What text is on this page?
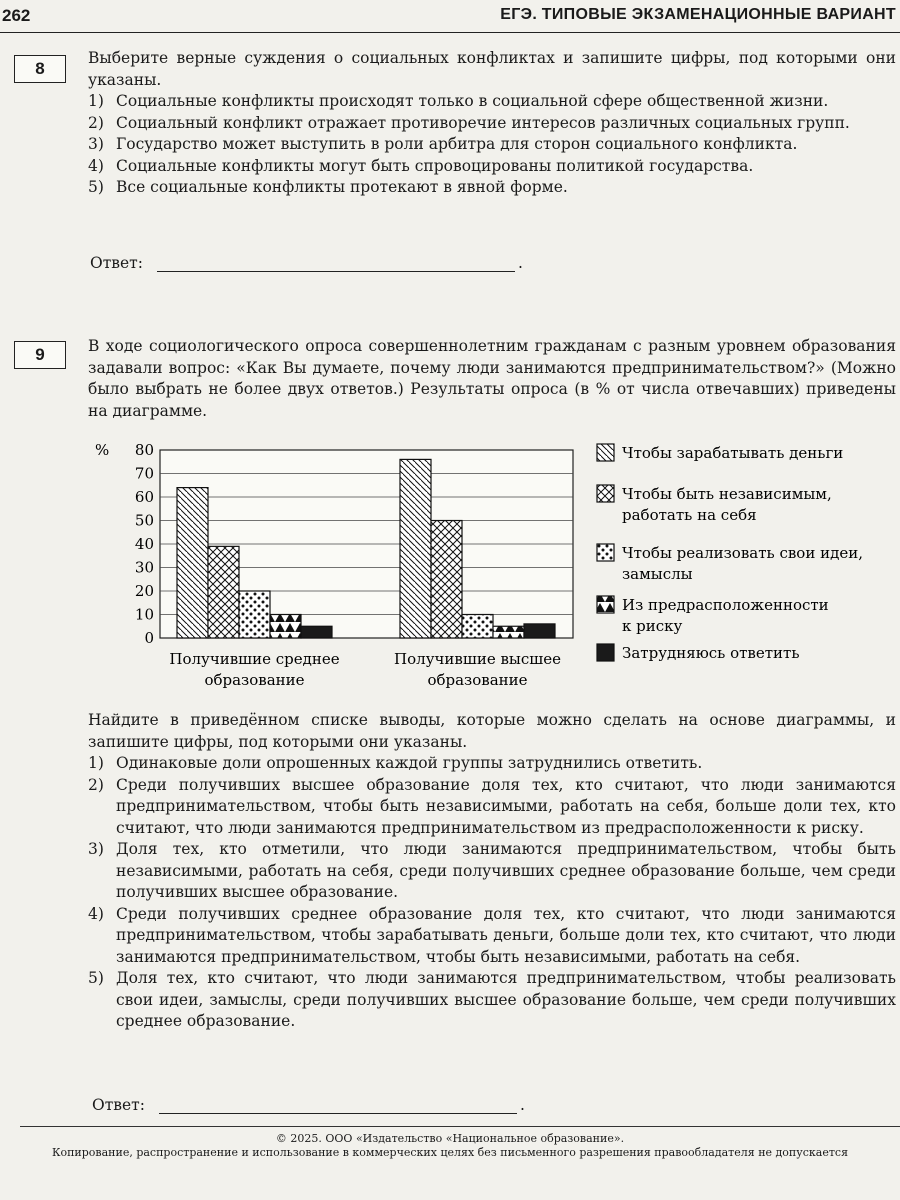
262	ЕГЭ. ТИПОВЫЕ ЭКЗАМЕНАЦИОННЫЕ ВАРИАНТ
8
Выберите верные суждения о социальных конфликтах и запишите цифры, под которыми они указаны.
1) Социальные конфликты происходят только в социальной сфере общественной жизни.
2) Социальный конфликт отражает противоречие интересов различных социальных групп.
3) Государство может выступить в роли арбитра для сторон социального конфликта.
4) Социальные конфликты могут быть спровоцированы политикой государства.
5) Все социальные конфликты протекают в явной форме.
Ответ:	.
9	В ходе социологического опроса совершеннолетним гражданам с разным уровнем образования задавали вопрос: «Как Вы думаете, почему люди занимаются предпринимательством?» (Можно было выбрать не более двух ответов.) Результаты опроса (в % от числа отвечавших) приведены на диаграмме.
0
10
20
30
40
50
60
70
80
%
Получившие среднее
образование
Получившие высшее
образование
Чтобы зарабатывать деньги
Чтобы быть независимым,
работать на себя
Чтобы реализовать свои идеи,
замыслы
Из предрасположенности
к риску
Затрудняюсь ответить
Найдите в приведённом списке выводы, которые можно сделать на основе диаграммы, и запишите цифры, под которыми они указаны.
1) Одинаковые доли опрошенных каждой группы затруднились ответить.
2) Среди получивших высшее образование доля тех, кто считают, что люди занимаются предпринимательством, чтобы быть независимыми, работать на себя, больше доли тех, кто считают, что люди занимаются предпринимательством из предрасположенности к риску.
3) Доля тех, кто отметили, что люди занимаются предпринимательством, чтобы быть независимыми, работать на себя, среди получивших среднее образование больше, чем среди получивших высшее образование.
4) Среди получивших среднее образование доля тех, кто считают, что люди занимаются предпринимательством, чтобы зарабатывать деньги, больше доли тех, кто считают, что люди занимаются предпринимательством, чтобы быть независимыми, работать на себя.
5) Доля тех, кто считают, что люди занимаются предпринимательством, чтобы реализовать свои идеи, замыслы, среди получивших высшее образование больше, чем среди получивших среднее образование.
Ответ:	.
© 2025. ООО «Издательство «Национальное образование».
Копирование, распространение и использование в коммерческих целях без письменного разрешения правообладателя не допускается
